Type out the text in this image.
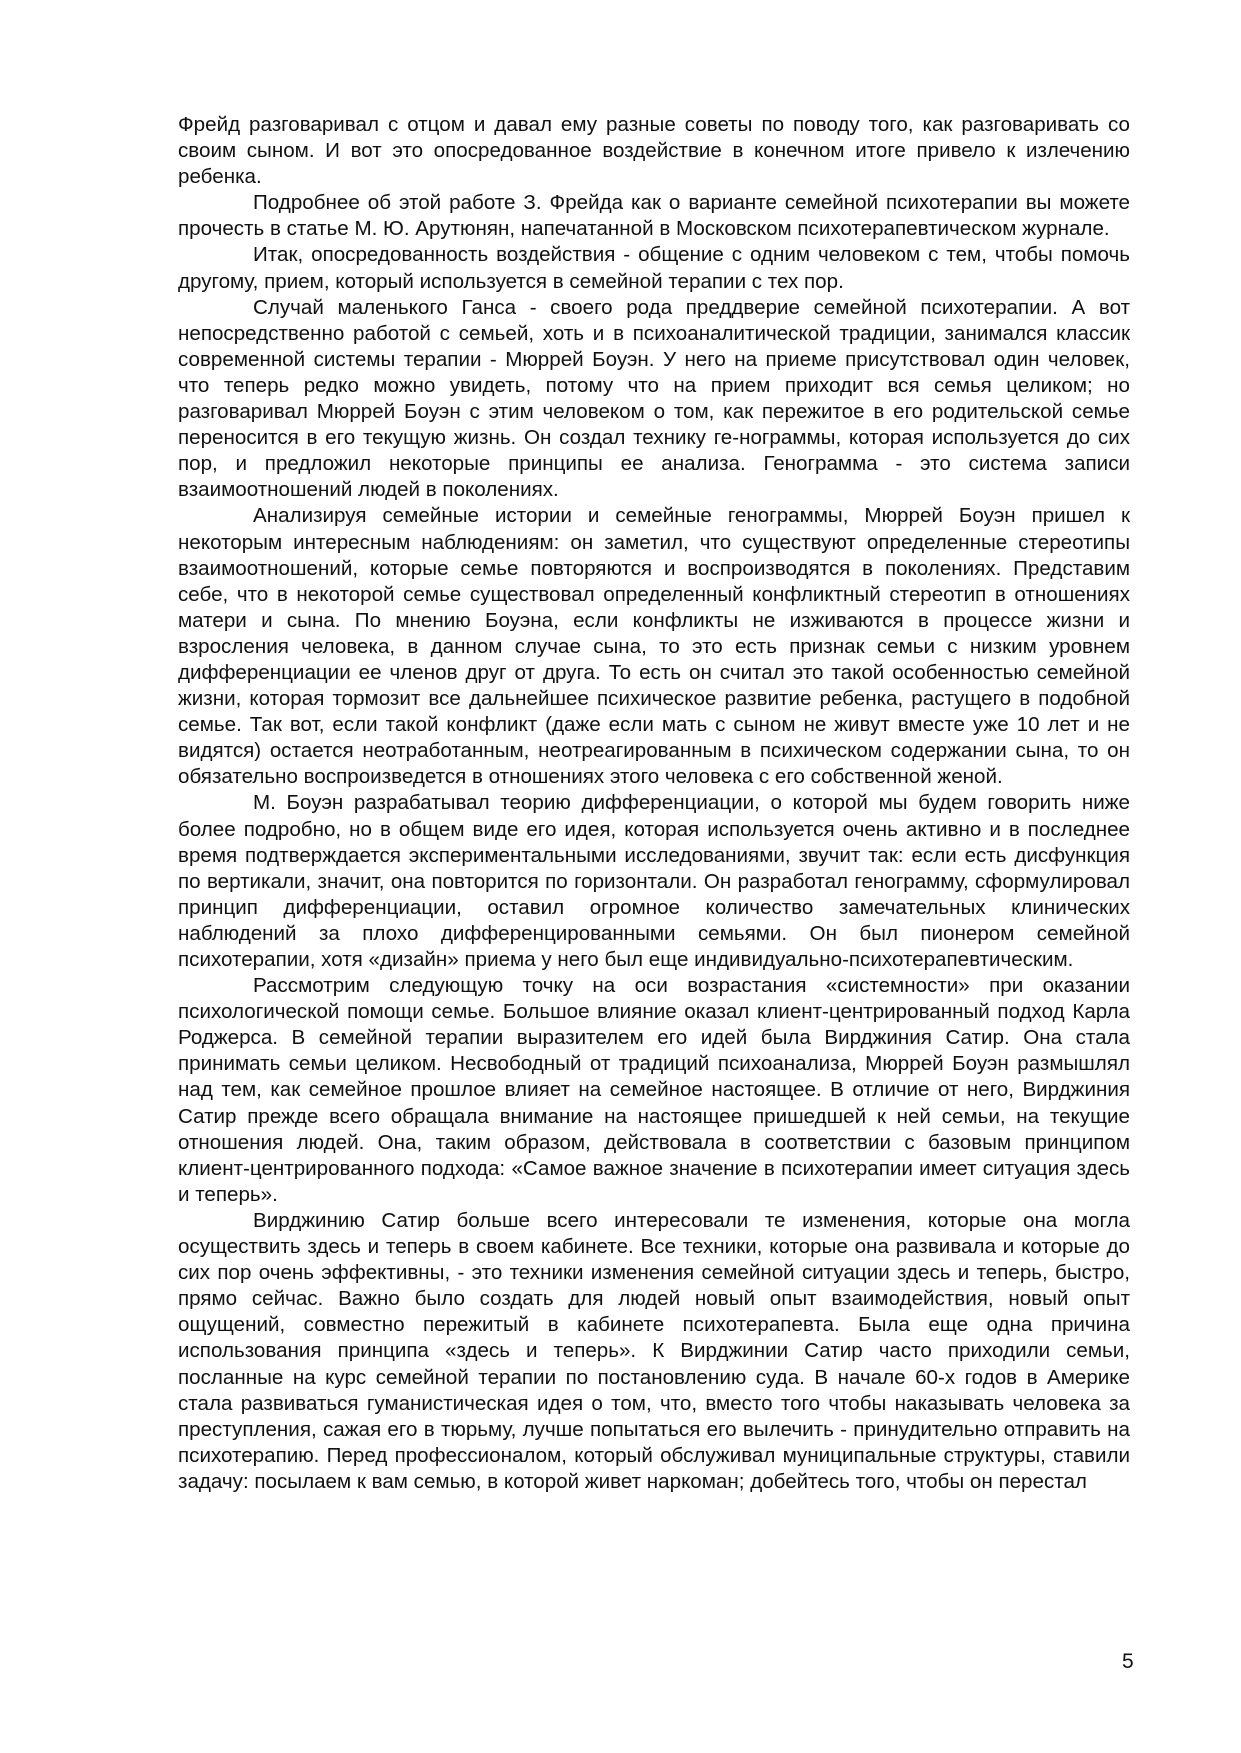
Фрейд разговаривал с отцом и давал ему разные советы по поводу того, как разговаривать со своим сыном. И вот это опосредованное воздействие в конечном итоге привело к излечению ребенка.

Подробнее об этой работе З. Фрейда как о варианте семейной психотерапии вы можете прочесть в статье М. Ю. Арутюнян, напечатанной в Московском психотерапевтическом журнале.

Итак, опосредованность воздействия - общение с одним человеком с тем, чтобы помочь другому, прием, который используется в семейной терапии с тех пор.

Случай маленького Ганса - своего рода преддверие семейной психотерапии. А вот непосредственно работой с семьей, хоть и в психоаналитической традиции, занимался классик современной системы терапии - Мюррей Боуэн. У него на приеме присутствовал один человек, что теперь редко можно увидеть, потому что на прием приходит вся семья целиком; но разговаривал Мюррей Боуэн с этим человеком о том, как пережитое в его родительской семье переносится в его текущую жизнь. Он создал технику ге-нограммы, которая используется до сих пор, и предложил некоторые принципы ее анализа. Генограмма - это система записи взаимоотношений людей в поколениях.

Анализируя семейные истории и семейные генограммы, Мюррей Боуэн пришел к некоторым интересным наблюдениям: он заметил, что существуют определенные стереотипы взаимоотношений, которые семье повторяются и воспроизводятся в поколениях. Представим себе, что в некоторой семье существовал определенный конфликтный стереотип в отношениях матери и сына. По мнению Боуэна, если конфликты не изживаются в процессе жизни и взросления человека, в данном случае сына, то это есть признак семьи с низким уровнем дифференциации ее членов друг от друга. То есть он считал это такой особенностью семейной жизни, которая тормозит все дальнейшее психическое развитие ребенка, растущего в подобной семье. Так вот, если такой конфликт (даже если мать с сыном не живут вместе уже 10 лет и не видятся) остается неотработанным, неотреагированным в психическом содержании сына, то он обязательно воспроизведется в отношениях этого человека с его собственной женой.

М. Боуэн разрабатывал теорию дифференциации, о которой мы будем говорить ниже более подробно, но в общем виде его идея, которая используется очень активно и в последнее время подтверждается экспериментальными исследованиями, звучит так: если есть дисфункция по вертикали, значит, она повторится по горизонтали. Он разработал генограмму, сформулировал принцип дифференциации, оставил огромное количество замечательных клинических наблюдений за плохо дифференцированными семьями. Он был пионером семейной психотерапии, хотя «дизайн» приема у него был еще индивидуально-психотерапевтическим.

Рассмотрим следующую точку на оси возрастания «системности» при оказании психологической помощи семье. Большое влияние оказал клиент-центрированный подход Карла Роджерса. В семейной терапии выразителем его идей была Вирджиния Сатир. Она стала принимать семьи целиком. Несвободный от традиций психоанализа, Мюррей Боуэн размышлял над тем, как семейное прошлое влияет на семейное настоящее. В отличие от него, Вирджиния Сатир прежде всего обращала внимание на настоящее пришедшей к ней семьи, на текущие отношения людей. Она, таким образом, действовала в соответствии с базовым принципом клиент-центрированного подхода: «Самое важное значение в психотерапии имеет ситуация здесь и теперь».

Вирджинию Сатир больше всего интересовали те изменения, которые она могла осуществить здесь и теперь в своем кабинете. Все техники, которые она развивала и которые до сих пор очень эффективны, - это техники изменения семейной ситуации здесь и теперь, быстро, прямо сейчас. Важно было создать для людей новый опыт взаимодействия, новый опыт ощущений, совместно пережитый в кабинете психотерапевта. Была еще одна причина использования принципа «здесь и теперь». К Вирджинии Сатир часто приходили семьи, посланные на курс семейной терапии по постановлению суда. В начале 60-х годов в Америке стала развиваться гуманистическая идея о том, что, вместо того чтобы наказывать человека за преступления, сажая его в тюрьму, лучше попытаться его вылечить - принудительно отправить на психотерапию. Перед профессионалом, который обслуживал муниципальные структуры, ставили задачу: посылаем к вам семью, в которой живет наркоман; добейтесь того, чтобы он перестал

5
